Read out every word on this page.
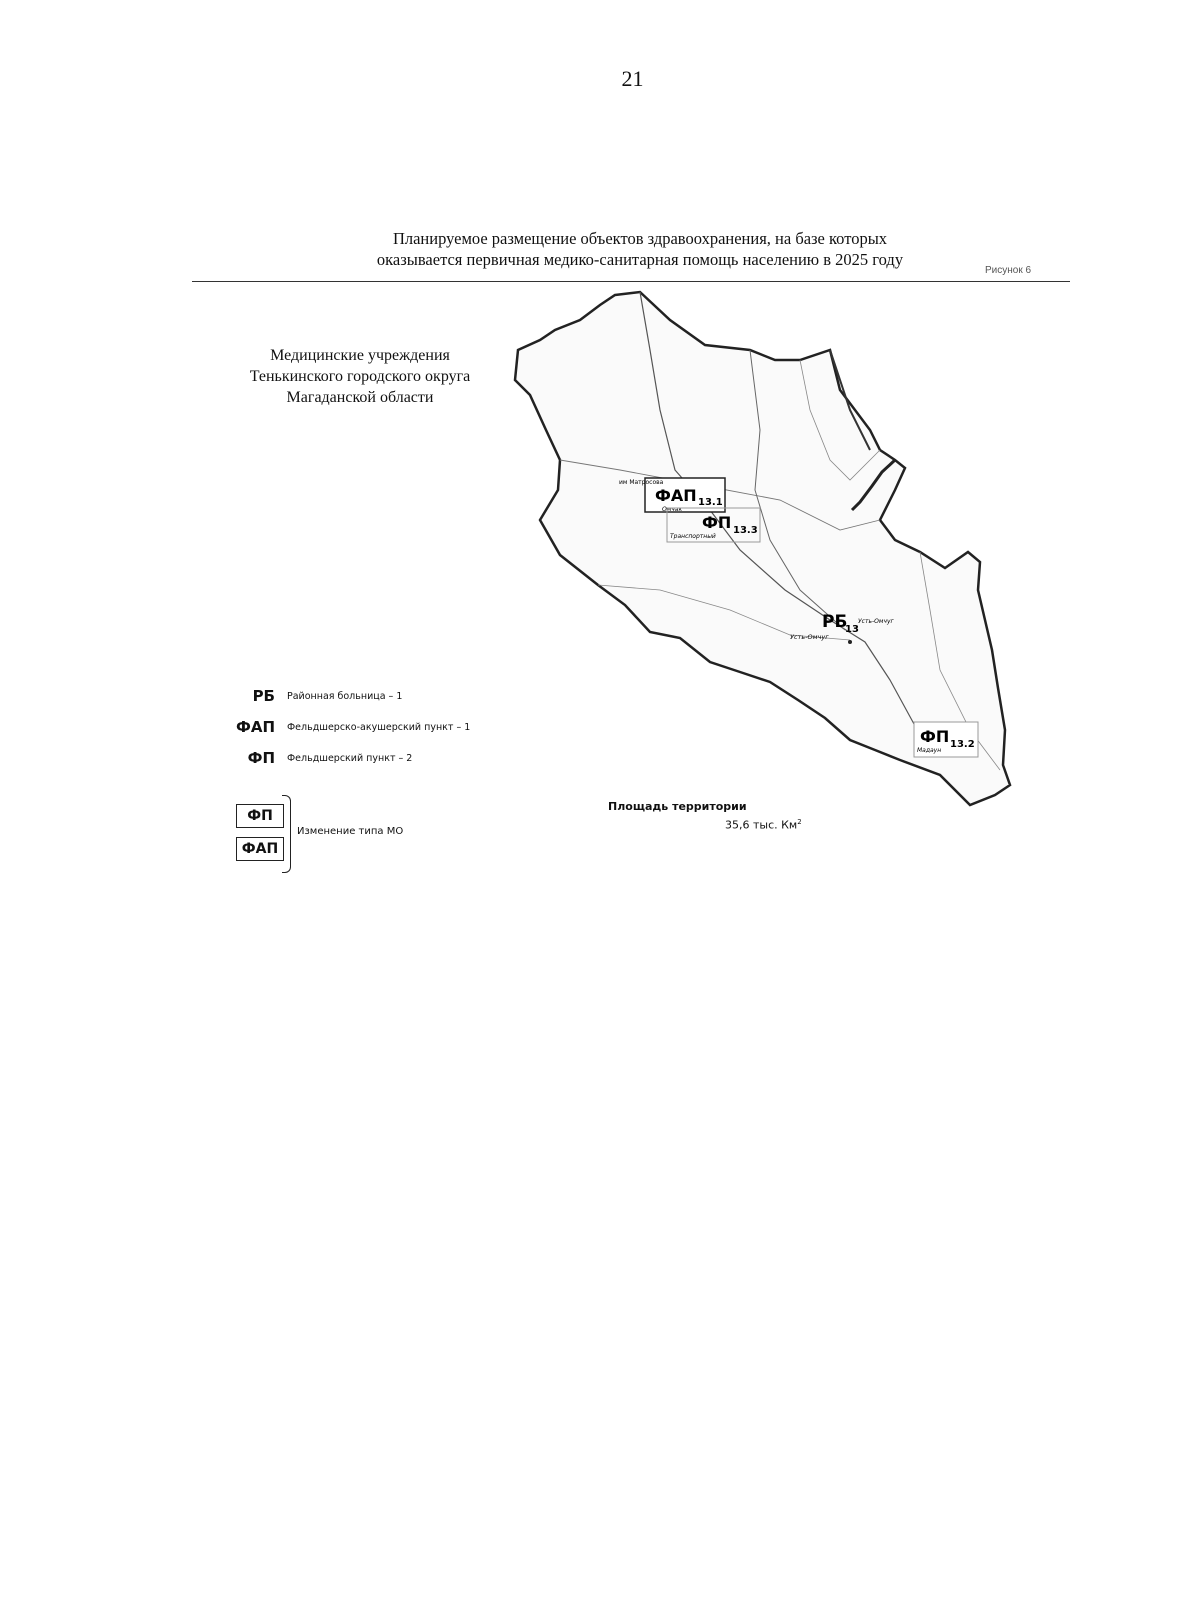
21
Планируемое размещение объектов здравоохранения, на базе которых
оказывается первичная медико-санитарная помощь населению в 2025 году
Рисунок 6
Медицинские учреждения
Тенькинского городского округа
Магаданской области
ФАП 13.1
Омчак
им Матросова
ФП 13.3
Транспортный
РБ
13
Усть-Омчуг
Усть-Омчуг
ФП 13.2
Мадаун
РБ Районная больница – 1
ФАП Фельдшерско-акушерский пункт – 1
ФП Фельдшерский пункт – 2
ФП
ФАП
Изменение типа МО
Площадь территории
35,6 тыс. $Км^2$
